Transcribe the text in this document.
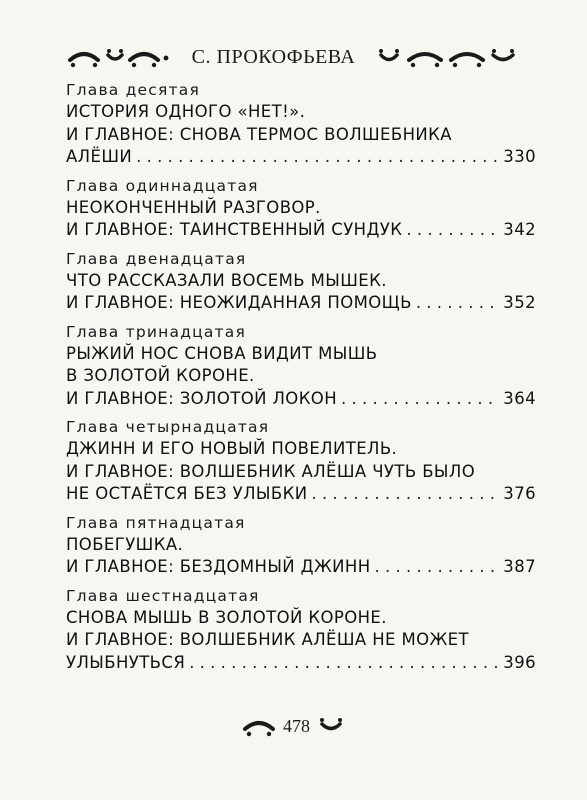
С. ПРОКОФЬЕВА
Глава десятая
ИСТОРИЯ ОДНОГО «НЕТ!».
И ГЛАВНОЕ: СНОВА ТЕРМОС ВОЛШЕБНИКА
АЛЁШИ . . .	330
Глава одиннадцатая
НЕОКОНЧЕННЫЙ РАЗГОВОР.
И ГЛАВНОЕ: ТАИНСТВЕННЫЙ СУНДУК . . .	342
Глава двенадцатая
ЧТО РАССКАЗАЛИ ВОСЕМЬ МЫШЕК.
И ГЛАВНОЕ: НЕОЖИДАННАЯ ПОМОЩЬ . . .	352
Глава тринадцатая
РЫЖИЙ НОС СНОВА ВИДИТ МЫШЬ
В ЗОЛОТОЙ КОРОНЕ.
И ГЛАВНОЕ: ЗОЛОТОЙ ЛОКОН . . .	364
Глава четырнадцатая
ДЖИНН И ЕГО НОВЫЙ ПОВЕЛИТЕЛЬ.
И ГЛАВНОЕ: ВОЛШЕБНИК АЛЁША ЧУТЬ БЫЛО
НЕ ОСТАЁТСЯ БЕЗ УЛЫБКИ . . .	376
Глава пятнадцатая
ПОБЕГУШКА.
И ГЛАВНОЕ: БЕЗДОМНЫЙ ДЖИНН . . .	387
Глава шестнадцатая
СНОВА МЫШЬ В ЗОЛОТОЙ КОРОНЕ.
И ГЛАВНОЕ: ВОЛШЕБНИК АЛЁША НЕ МОЖЕТ
УЛЫБНУТЬСЯ . . .	396
478
